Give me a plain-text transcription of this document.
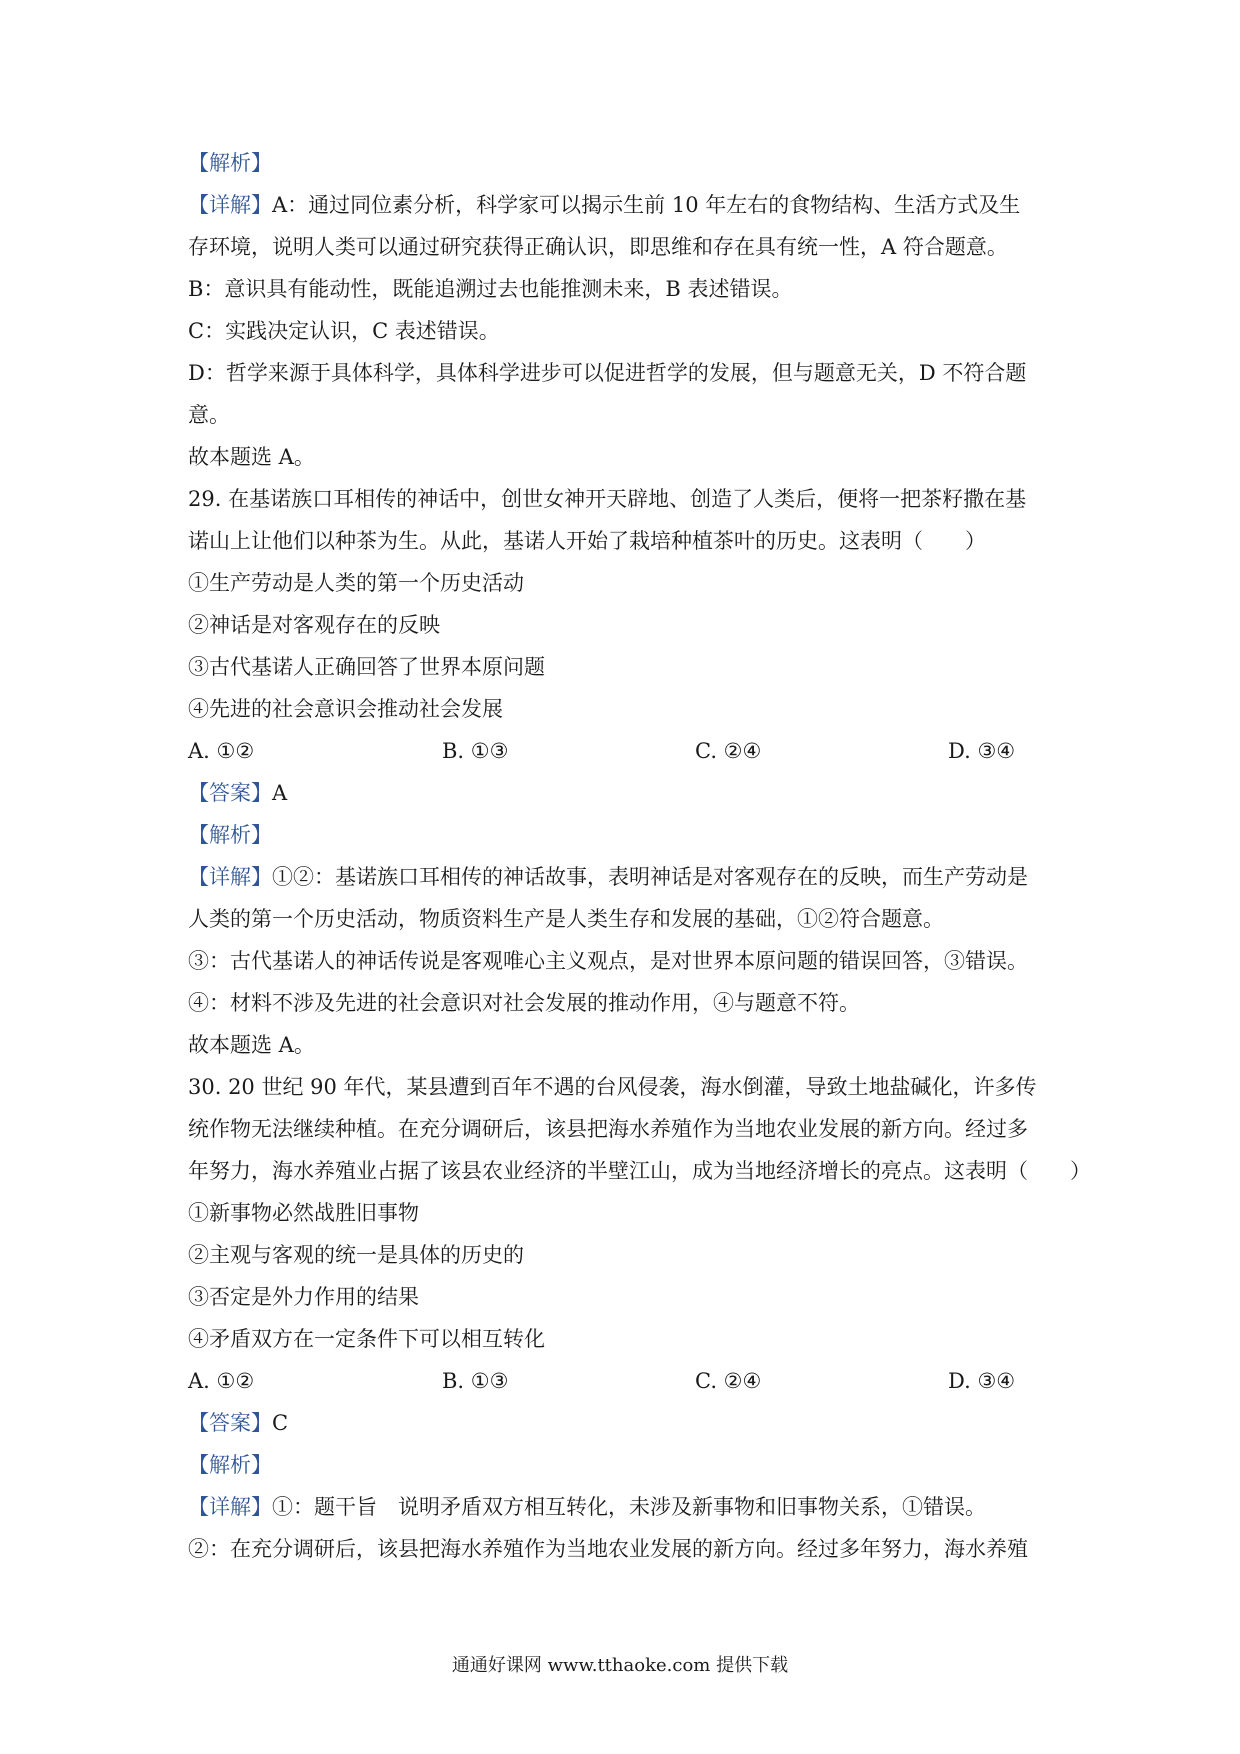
【解析】
【详解】A：通过同位素分析，科学家可以揭示生前 10 年左右的食物结构、生活方式及生
存环境，说明人类可以通过研究获得正确认识，即思维和存在具有统一性，A 符合题意。
B：意识具有能动性，既能追溯过去也能推测未来，B 表述错误。
C：实践决定认识，C 表述错误。
D：哲学来源于具体科学，具体科学进步可以促进哲学的发展，但与题意无关，D 不符合题
意。
故本题选 A。
29. 在基诺族口耳相传的神话中，创世女神开天辟地、创造了人类后，便将一把茶籽撒在基
诺山上让他们以种茶为生。从此，基诺人开始了栽培种植茶叶的历史。这表明（　　）
①生产劳动是人类的第一个历史活动
②神话是对客观存在的反映
③古代基诺人正确回答了世界本原问题
④先进的社会意识会推动社会发展
A. ①②	B. ①③	C. ②④	D. ③④
【答案】A
【解析】
【详解】①②：基诺族口耳相传的神话故事，表明神话是对客观存在的反映，而生产劳动是
人类的第一个历史活动，物质资料生产是人类生存和发展的基础，①②符合题意。
③：古代基诺人的神话传说是客观唯心主义观点，是对世界本原问题的错误回答，③错误。
④：材料不涉及先进的社会意识对社会发展的推动作用，④与题意不符。
故本题选 A。
30. 20 世纪 90 年代，某县遭到百年不遇的台风侵袭，海水倒灌，导致土地盐碱化，许多传
统作物无法继续种植。在充分调研后，该县把海水养殖作为当地农业发展的新方向。经过多
年努力，海水养殖业占据了该县农业经济的半壁江山，成为当地经济增长的亮点。这表明（　　）
①新事物必然战胜旧事物
②主观与客观的统一是具体的历史的
③否定是外力作用的结果
④矛盾双方在一定条件下可以相互转化
A. ①②	B. ①③	C. ②④	D. ③④
【答案】C
【解析】
【详解】①：题干旨　说明矛盾双方相互转化，未涉及新事物和旧事物关系，①错误。
②：在充分调研后，该县把海水养殖作为当地农业发展的新方向。经过多年努力，海水养殖
通通好课网 www.tthaoke.com 提供下载
